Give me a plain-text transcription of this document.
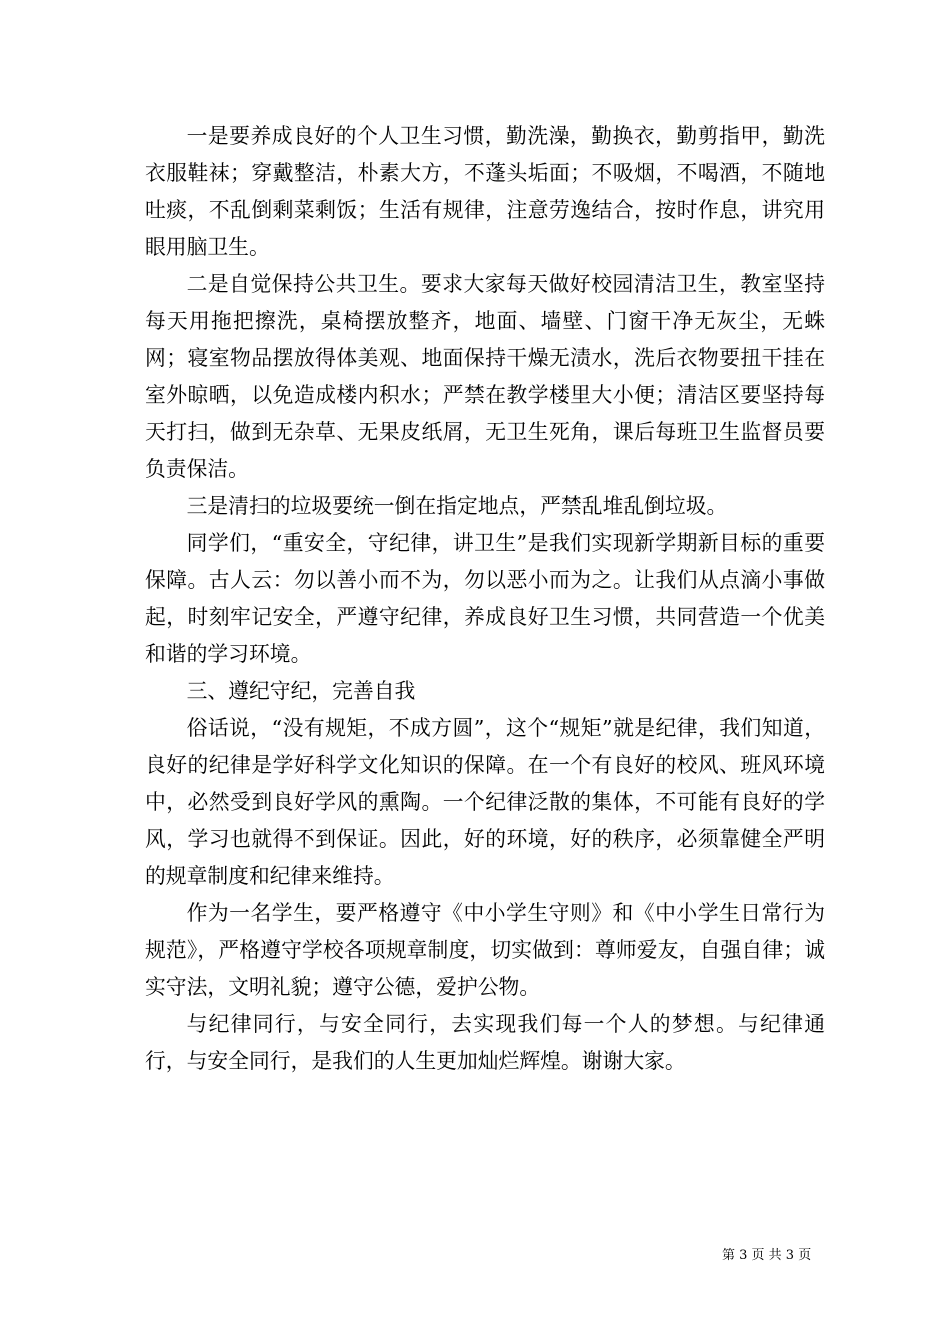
一是要养成良好的个人卫生习惯，勤洗澡，勤换衣，勤剪指甲，勤洗衣服鞋袜；穿戴整洁，朴素大方，不蓬头垢面；不吸烟，不喝酒，不随地吐痰，不乱倒剩菜剩饭；生活有规律，注意劳逸结合，按时作息，讲究用眼用脑卫生。

二是自觉保持公共卫生。要求大家每天做好校园清洁卫生，教室坚持每天用拖把擦洗，桌椅摆放整齐，地面、墙壁、门窗干净无灰尘，无蛛网；寝室物品摆放得体美观、地面保持干燥无渍水，洗后衣物要扭干挂在室外晾晒，以免造成楼内积水；严禁在教学楼里大小便；清洁区要坚持每天打扫，做到无杂草、无果皮纸屑，无卫生死角，课后每班卫生监督员要负责保洁。

三是清扫的垃圾要统一倒在指定地点，严禁乱堆乱倒垃圾。

同学们，“重安全，守纪律，讲卫生”是我们实现新学期新目标的重要保障。古人云：勿以善小而不为，勿以恶小而为之。让我们从点滴小事做起，时刻牢记安全，严遵守纪律，养成良好卫生习惯，共同营造一个优美和谐的学习环境。

三、遵纪守纪，完善自我

俗话说，“没有规矩，不成方圆”，这个“规矩”就是纪律，我们知道，良好的纪律是学好科学文化知识的保障。在一个有良好的校风、班风环境中，必然受到良好学风的熏陶。一个纪律泛散的集体，不可能有良好的学风，学习也就得不到保证。因此，好的环境，好的秩序，必须靠健全严明的规章制度和纪律来维持。

作为一名学生，要严格遵守《中小学生守则》和《中小学生日常行为规范》，严格遵守学校各项规章制度，切实做到：尊师爱友，自强自律；诚实守法，文明礼貌；遵守公德，爱护公物。

与纪律同行，与安全同行，去实现我们每一个人的梦想。与纪律通行，与安全同行，是我们的人生更加灿烂辉煌。谢谢大家。

第 3 页 共 3 页
